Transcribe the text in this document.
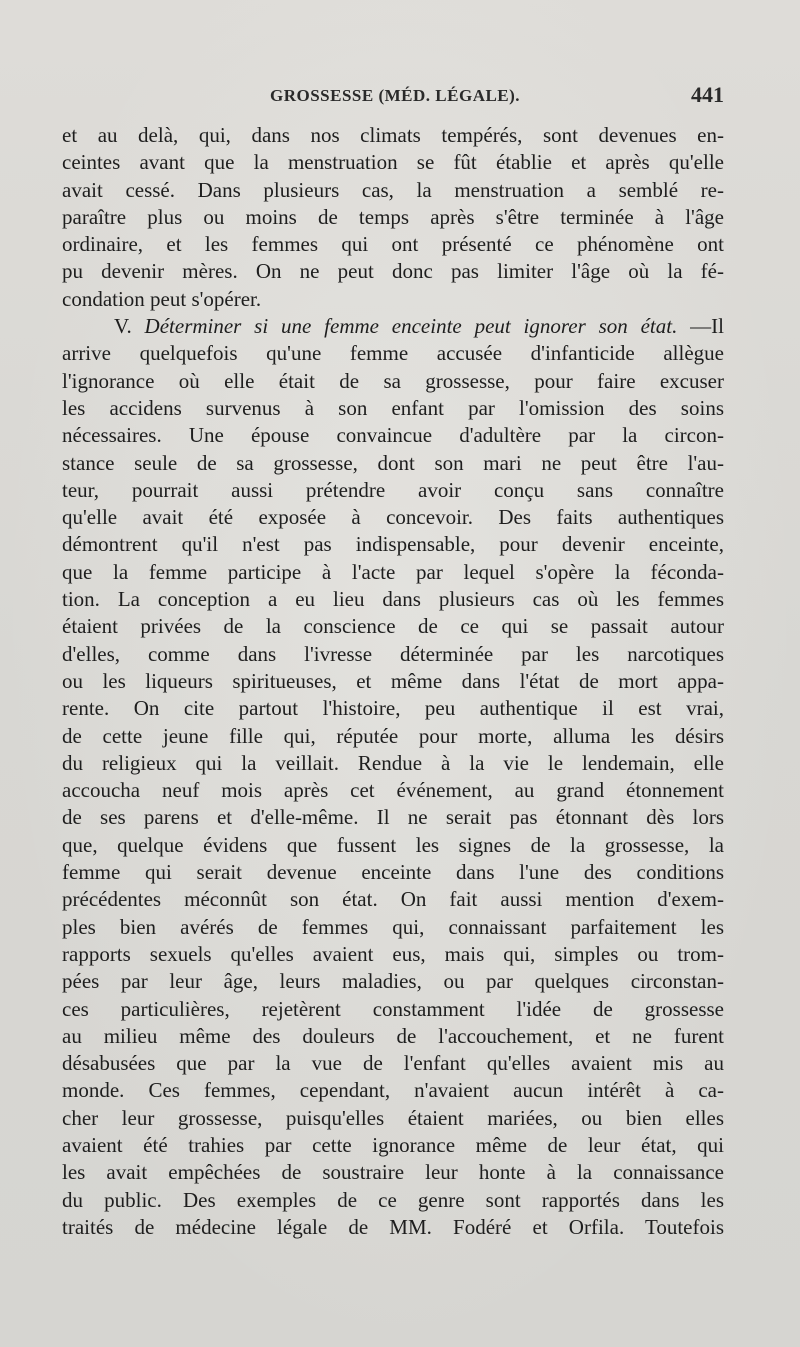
GROSSESSE (MÉD. LÉGALE).	441
et au delà, qui, dans nos climats tempérés, sont devenues en-
ceintes avant que la menstruation se fût établie et après qu'elle
avait cessé. Dans plusieurs cas, la menstruation a semblé re-
paraître plus ou moins de temps après s'être terminée à l'âge
ordinaire, et les femmes qui ont présenté ce phénomène ont
pu devenir mères. On ne peut donc pas limiter l'âge où la fé-
condation peut s'opérer.
V. Déterminer si une femme enceinte peut ignorer son état. —Il
arrive quelquefois qu'une femme accusée d'infanticide allègue
l'ignorance où elle était de sa grossesse, pour faire excuser
les accidens survenus à son enfant par l'omission des soins
nécessaires. Une épouse convaincue d'adultère par la circon-
stance seule de sa grossesse, dont son mari ne peut être l'au-
teur, pourrait aussi prétendre avoir conçu sans connaître
qu'elle avait été exposée à concevoir. Des faits authentiques
démontrent qu'il n'est pas indispensable, pour devenir enceinte,
que la femme participe à l'acte par lequel s'opère la féconda-
tion. La conception a eu lieu dans plusieurs cas où les femmes
étaient privées de la conscience de ce qui se passait autour
d'elles, comme dans l'ivresse déterminée par les narcotiques
ou les liqueurs spiritueuses, et même dans l'état de mort appa-
rente. On cite partout l'histoire, peu authentique il est vrai,
de cette jeune fille qui, réputée pour morte, alluma les désirs
du religieux qui la veillait. Rendue à la vie le lendemain, elle
accoucha neuf mois après cet événement, au grand étonnement
de ses parens et d'elle-même. Il ne serait pas étonnant dès lors
que, quelque évidens que fussent les signes de la grossesse, la
femme qui serait devenue enceinte dans l'une des conditions
précédentes méconnût son état. On fait aussi mention d'exem-
ples bien avérés de femmes qui, connaissant parfaitement les
rapports sexuels qu'elles avaient eus, mais qui, simples ou trom-
pées par leur âge, leurs maladies, ou par quelques circonstan-
ces particulières, rejetèrent constamment l'idée de grossesse
au milieu même des douleurs de l'accouchement, et ne furent
désabusées que par la vue de l'enfant qu'elles avaient mis au
monde. Ces femmes, cependant, n'avaient aucun intérêt à ca-
cher leur grossesse, puisqu'elles étaient mariées, ou bien elles
avaient été trahies par cette ignorance même de leur état, qui
les avait empêchées de soustraire leur honte à la connaissance
du public. Des exemples de ce genre sont rapportés dans les
traités de médecine légale de MM. Fodéré et Orfila. Toutefois
